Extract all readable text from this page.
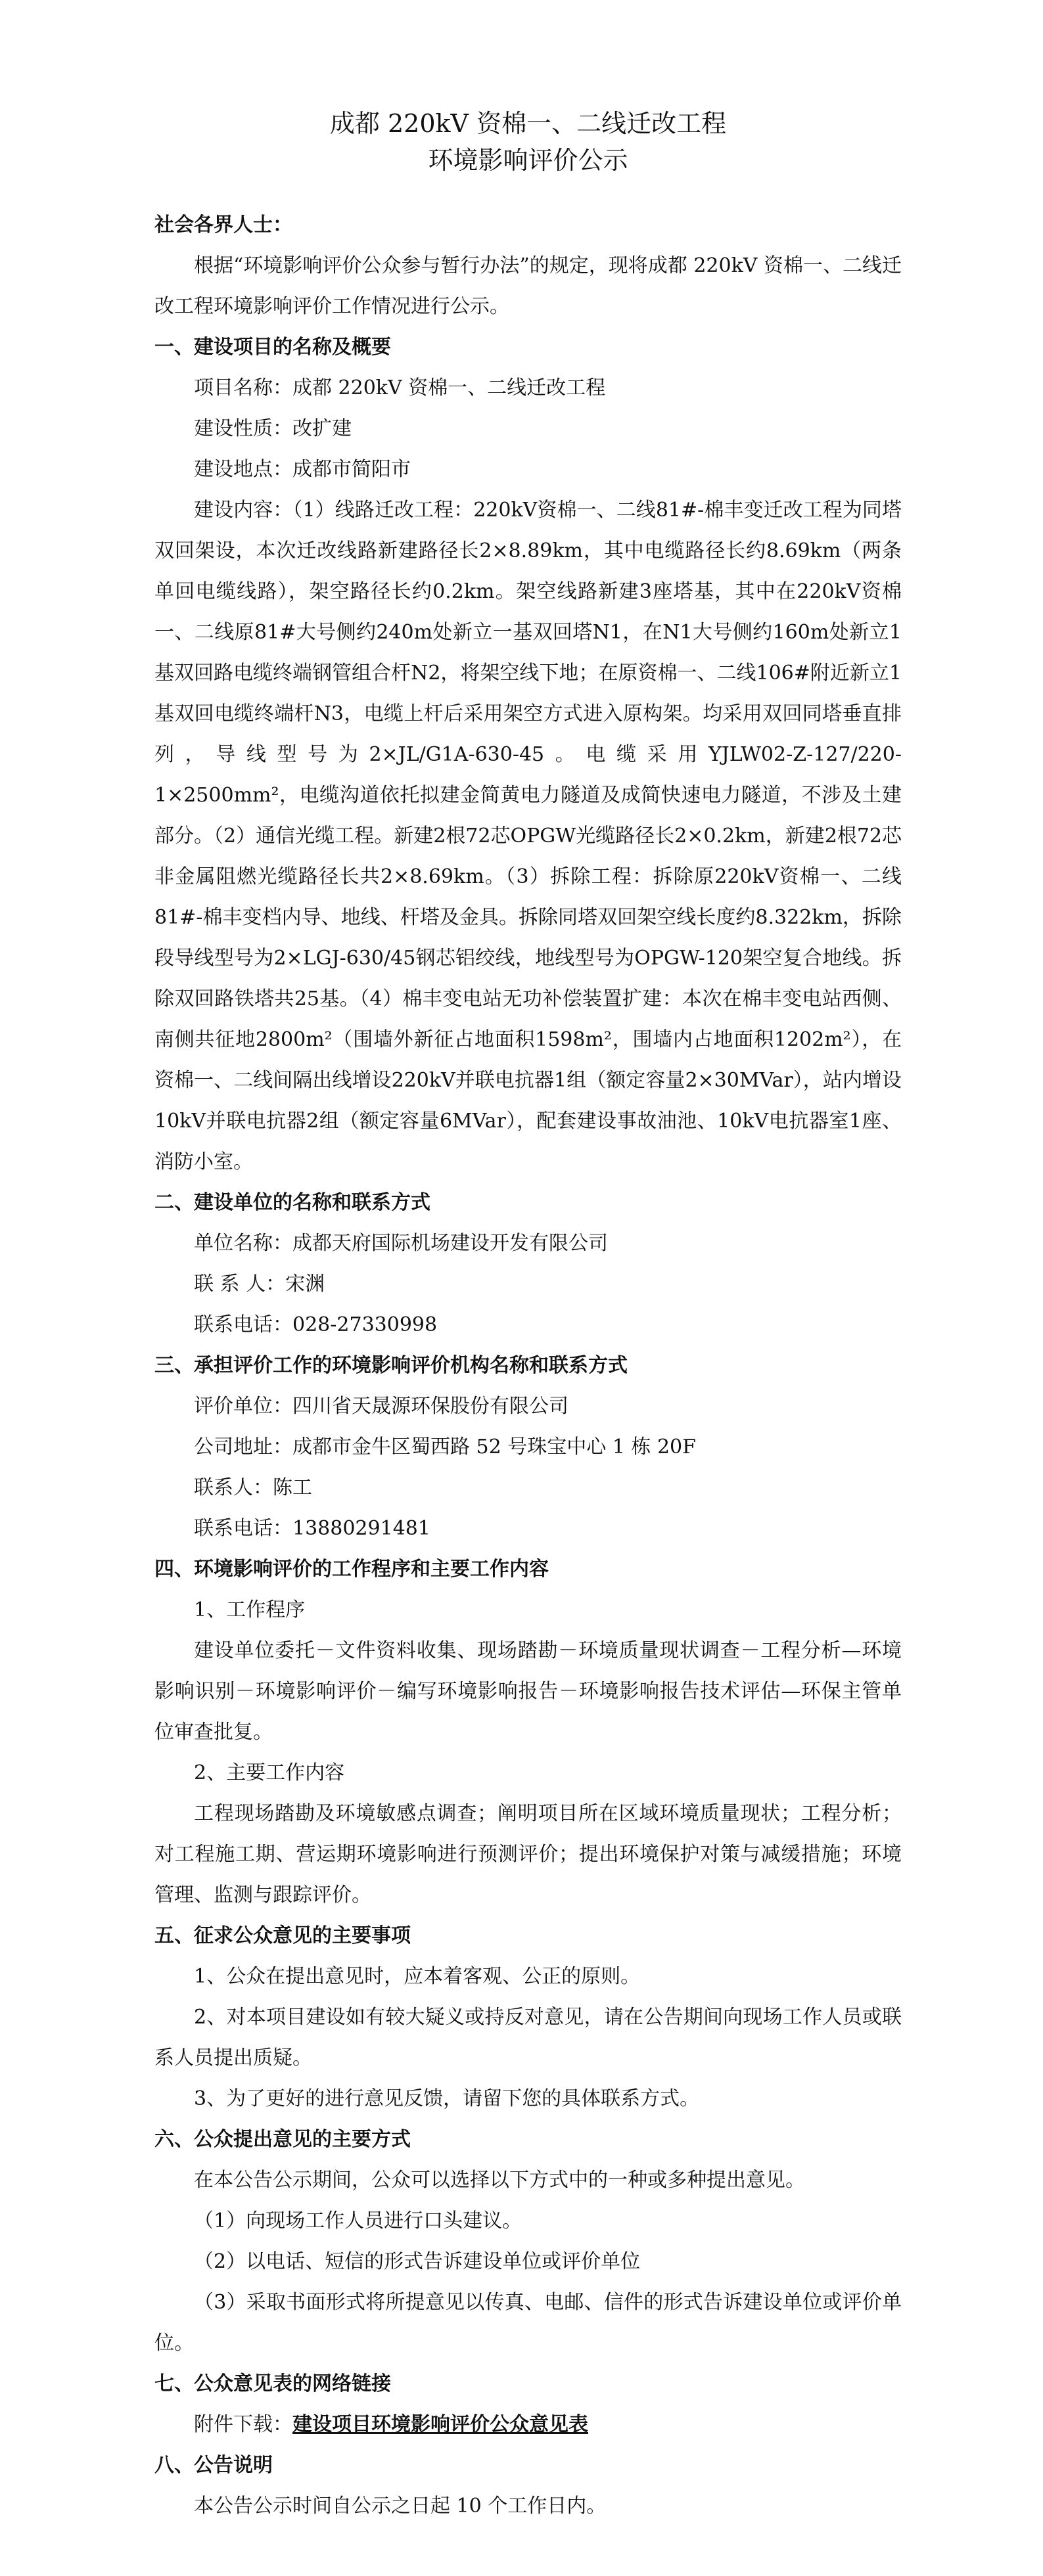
成都 220kV 资棉一、二线迁改工程
环境影响评价公示

社会各界人士：

根据“环境影响评价公众参与暂行办法”的规定，现将成都 220kV 资棉一、二线迁改工程环境影响评价工作情况进行公示。

一、建设项目的名称及概要

项目名称：成都 220kV 资棉一、二线迁改工程

建设性质：改扩建

建设地点：成都市简阳市

建设内容：（1）线路迁改工程：220kV资棉一、二线81#-棉丰变迁改工程为同塔双回架设，本次迁改线路新建路径长2×8.89km，其中电缆路径长约8.69km（两条单回电缆线路），架空路径长约0.2km。架空线路新建3座塔基，其中在220kV资棉一、二线原81#大号侧约240m处新立一基双回塔N1，在N1大号侧约160m处新立1基双回路电缆终端钢管组合杆N2，将架空线下地；在原资棉一、二线106#附近新立1基双回电缆终端杆N3，电缆上杆后采用架空方式进入原构架。均采用双回同塔垂直排列，导线型号为2×JL/G1A-630-45。电缆采用YJLW02-Z-127/220-1×2500mm²，电缆沟道依托拟建金简黄电力隧道及成简快速电力隧道，不涉及土建部分。（2）通信光缆工程。新建2根72芯OPGW光缆路径长2×0.2km，新建2根72芯非金属阻燃光缆路径长共2×8.69km。（3）拆除工程：拆除原220kV资棉一、二线81#-棉丰变档内导、地线、杆塔及金具。拆除同塔双回架空线长度约8.322km，拆除段导线型号为2×LGJ-630/45钢芯铝绞线，地线型号为OPGW-120架空复合地线。拆除双回路铁塔共25基。（4）棉丰变电站无功补偿装置扩建：本次在棉丰变电站西侧、南侧共征地2800m²（围墙外新征占地面积1598m²，围墙内占地面积1202m²），在资棉一、二线间隔出线增设220kV并联电抗器1组（额定容量2×30MVar），站内增设10kV并联电抗器2组（额定容量6MVar），配套建设事故油池、10kV电抗器室1座、消防小室。

二、建设单位的名称和联系方式

单位名称：成都天府国际机场建设开发有限公司

联 系 人：宋渊

联系电话：028-27330998

三、承担评价工作的环境影响评价机构名称和联系方式

评价单位：四川省天晟源环保股份有限公司

公司地址：成都市金牛区蜀西路 52 号珠宝中心 1 栋 20F

联系人：陈工

联系电话：13880291481

四、环境影响评价的工作程序和主要工作内容

1、工作程序

建设单位委托－文件资料收集、现场踏勘－环境质量现状调查－工程分析—环境影响识别－环境影响评价－编写环境影响报告－环境影响报告技术评估—环保主管单位审查批复。

2、主要工作内容

工程现场踏勘及环境敏感点调查；阐明项目所在区域环境质量现状；工程分析；对工程施工期、营运期环境影响进行预测评价；提出环境保护对策与减缓措施；环境管理、监测与跟踪评价。

五、征求公众意见的主要事项

1、公众在提出意见时，应本着客观、公正的原则。

2、对本项目建设如有较大疑义或持反对意见，请在公告期间向现场工作人员或联系人员提出质疑。

3、为了更好的进行意见反馈，请留下您的具体联系方式。

六、公众提出意见的主要方式

在本公告公示期间，公众可以选择以下方式中的一种或多种提出意见。

（1）向现场工作人员进行口头建议。

（2）以电话、短信的形式告诉建设单位或评价单位

（3）采取书面形式将所提意见以传真、电邮、信件的形式告诉建设单位或评价单位。

七、公众意见表的网络链接

附件下载：建设项目环境影响评价公众意见表

八、公告说明

本公告公示时间自公示之日起 10 个工作日内。
